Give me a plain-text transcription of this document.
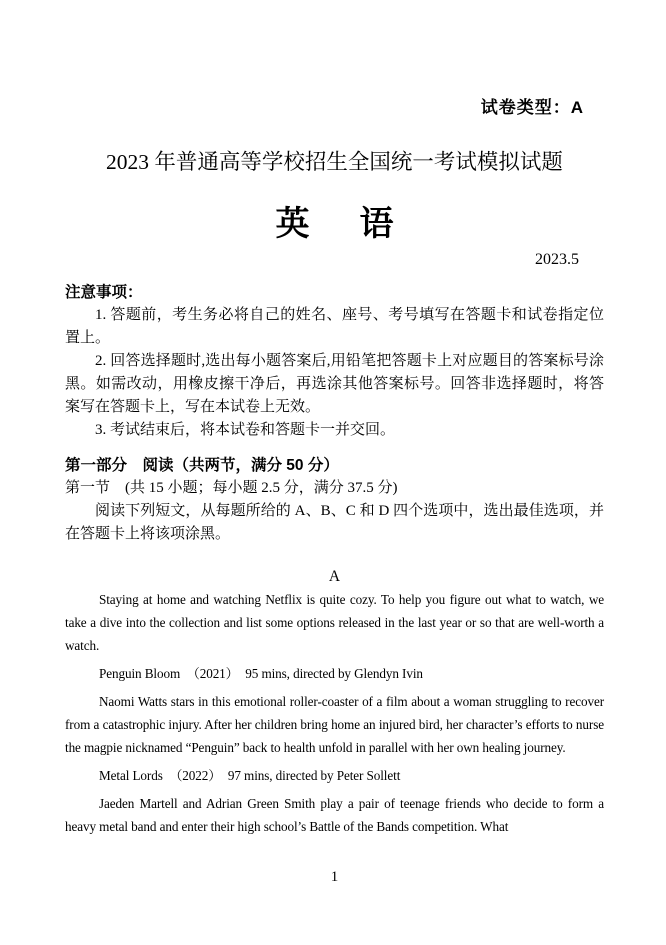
试卷类型：A
2023 年普通高等学校招生全国统一考试模拟试题
英 语
2023.5
注意事项：

1. 答题前，考生务必将自己的姓名、座号、考号填写在答题卡和试卷指定位置上。

2. 回答选择题时,选出每小题答案后,用铅笔把答题卡上对应题目的答案标号涂黑。如需改动，用橡皮擦干净后，再选涂其他答案标号。回答非选择题时，将答案写在答题卡上，写在本试卷上无效。

3. 考试结束后，将本试卷和答题卡一并交回。

第一部分　阅读（共两节，满分 50 分）
第一节　(共 15 小题；每小题 2.5 分，满分 37.5 分)

阅读下列短文，从每题所给的 A、B、C 和 D 四个选项中，选出最佳选项，并在答题卡上将该项涂黑。

A

Staying at home and watching Netflix is quite cozy. To help you figure out what to watch, we take a dive into the collection and list some options released in the last year or so that are well-worth a watch.

Penguin Bloom　（2021）　95 mins, directed by Glendyn Ivin

Naomi Watts stars in this emotional roller-coaster of a film about a woman struggling to recover from a catastrophic injury. After her children bring home an injured bird, her character’s efforts to nurse the magpie nicknamed “Penguin” back to health unfold in parallel with her own healing journey.

Metal Lords　（2022）　97 mins, directed by Peter Sollett

Jaeden Martell and Adrian Green Smith play a pair of teenage friends who decide to form a heavy metal band and enter their high school’s Battle of the Bands competition. What

1
